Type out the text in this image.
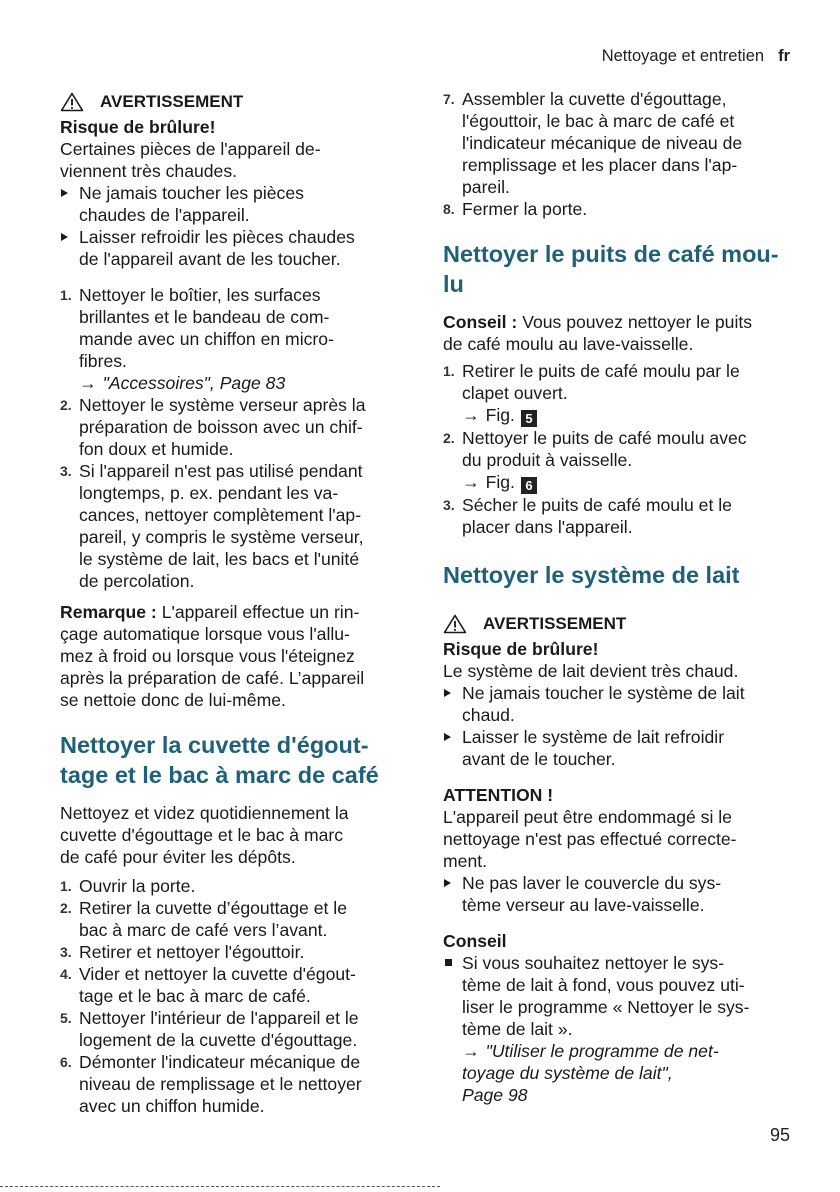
Nettoyage et entretien fr
AVERTISSEMENT

Risque de brûlure!

Certaines pièces de l'appareil de-
viennent très chaudes.

Ne jamais toucher les pièces
chaudes de l'appareil.
Laisser refroidir les pièces chaudes
de l'appareil avant de les toucher.
1. Nettoyer le boîtier, les surfaces
brillantes et le bandeau de com-
mande avec un chiffon en micro-
fibres.
→ "Accessoires", Page 83
2. Nettoyer le système verseur après la
préparation de boisson avec un chif-
fon doux et humide.
3. Si l'appareil n'est pas utilisé pendant
longtemps, p. ex. pendant les va-
cances, nettoyer complètement l'ap-
pareil, y compris le système verseur,
le système de lait, les bacs et l'unité
de percolation.

Remarque : L'appareil effectue un rin-
çage automatique lorsque vous l'allu-
mez à froid ou lorsque vous l'éteignez
après la préparation de café. L’appareil
se nettoie donc de lui-même.

Nettoyer la cuvette d'égout-
tage et le bac à marc de café

Nettoyez et videz quotidiennement la
cuvette d'égouttage et le bac à marc
de café pour éviter les dépôts.

1. Ouvrir la porte.
2. Retirer la cuvette d’égouttage et le
bac à marc de café vers l’avant.
3. Retirer et nettoyer l'égouttoir.
4. Vider et nettoyer la cuvette d'égout-
tage et le bac à marc de café.
5. Nettoyer l'intérieur de l'appareil et le
logement de la cuvette d'égouttage.
6. Démonter l'indicateur mécanique de
niveau de remplissage et le nettoyer
avec un chiffon humide.
7. Assembler la cuvette d'égouttage,
l'égouttoir, le bac à marc de café et
l'indicateur mécanique de niveau de
remplissage et les placer dans l'ap-
pareil.
8. Fermer la porte.
Nettoyer le puits de café mou-
lu

Conseil : Vous pouvez nettoyer le puits
de café moulu au lave-vaisselle.

1. Retirer le puits de café moulu par le
clapet ouvert.
→ Fig. 5
2. Nettoyer le puits de café moulu avec
du produit à vaisselle.
→ Fig. 6
3. Sécher le puits de café moulu et le
placer dans l'appareil.
Nettoyer le système de lait
AVERTISSEMENT

Risque de brûlure!

Le système de lait devient très chaud.

Ne jamais toucher le système de lait
chaud.
Laisser le système de lait refroidir
avant de le toucher.

ATTENTION !

L'appareil peut être endommagé si le
nettoyage n'est pas effectué correcte-
ment.

Ne pas laver le couvercle du sys-
tème verseur au lave-vaisselle.

Conseil

Si vous souhaitez nettoyer le sys-
tème de lait à fond, vous pouvez uti-
liser le programme « Nettoyer le sys-
tème de lait ».
→ "Utiliser le programme de net-
toyage du système de lait",
Page 98
95
